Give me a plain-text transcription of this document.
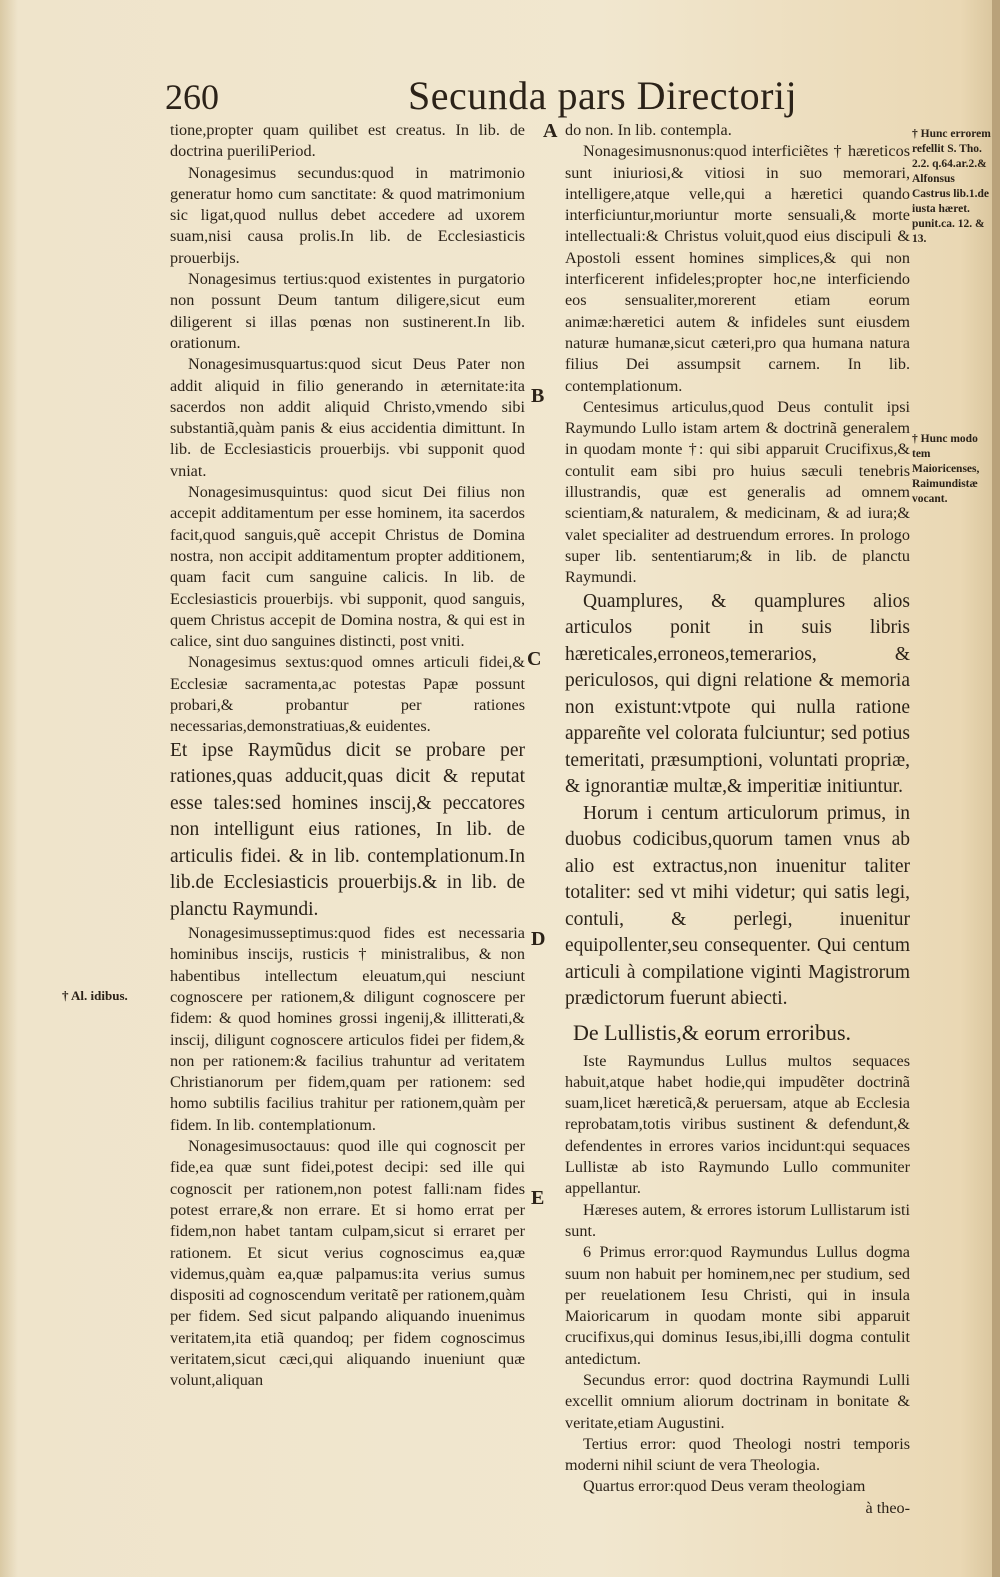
260	Secunda pars Directorij

tione,propter quam quilibet est creatus. In lib. de doctrina pueriliPeriod.

Nonagesimus secundus:quod in matrimonio generatur homo cum sanctitate: & quod matrimonium sic ligat,quod nullus debet accedere ad uxorem suam,nisi causa prolis.In lib. de Ecclesiasticis prouerbijs.

Nonagesimus tertius:quod existentes in purgatorio non possunt Deum tantum diligere,sicut eum diligerent si illas pœnas non sustinerent.In lib. orationum.

Nonagesimusquartus:quod sicut Deus Pater non addit aliquid in filio generando in æternitate:ita sacerdos non addit aliquid Christo,vmendo sibi substantiã,quàm panis & eius accidentia dimittunt. In lib. de Ecclesiasticis prouerbijs. vbi supponit quod vniat.

Nonagesimusquintus: quod sicut Dei filius non accepit additamentum per esse hominem, ita sacerdos facit,quod sanguis,quẽ accepit Christus de Domina nostra, non accipit additamentum propter additionem, quam facit cum sanguine calicis. In lib. de Ecclesiasticis prouerbijs. vbi supponit, quod sanguis, quem Christus accepit de Domina nostra, & qui est in calice, sint duo sanguines distincti, post vniti.

Nonagesimus sextus:quod omnes articuli fidei,& Ecclesiæ sacramenta,ac potestas Papæ possunt probari,& probantur per rationes necessarias,demonstratiuas,& euidentes.

Et ipse Raymũdus dicit se probare per rationes,quas adducit,quas dicit & reputat esse tales:sed homines inscij,& peccatores non intelligunt eius rationes, In lib. de articulis fidei. & in lib. contemplationum.In lib.de Ecclesiasticis prouerbijs.& in lib. de planctu Raymundi.

Nonagesimusseptimus:quod fides est necessaria hominibus inscijs, rusticis † ministralibus, & non habentibus intellectum eleuatum,qui nesciunt cognoscere per rationem,& diligunt cognoscere per fidem: & quod homines grossi ingenij,& illitterati,& inscij, diligunt cognoscere articulos fidei per fidem,& non per rationem:& facilius trahuntur ad veritatem Christianorum per fidem,quam per rationem: sed homo subtilis facilius trahitur per rationem,quàm per fidem. In lib. contemplationum.

Nonagesimusoctauus: quod ille qui cognoscit per fide,ea quæ sunt fidei,potest decipi: sed ille qui cognoscit per rationem,non potest falli:nam fides potest errare,& non errare. Et si homo errat per fidem,non habet tantam culpam,sicut si erraret per rationem. Et sicut verius cognoscimus ea,quæ videmus,quàm ea,quæ palpamus:ita verius sumus dispositi ad cognoscendum veritatẽ per rationem,quàm per fidem. Sed sicut palpando aliquando inuenimus veritatem,ita etiã quandoq; per fidem cognoscimus veritatem,sicut cæci,qui aliquando inueniunt quæ volunt,aliquan

do non. In lib. contempla.

Nonagesimusnonus:quod interficiẽtes † hæreticos sunt iniuriosi,& vitiosi in suo memorari, intelligere,atque velle,qui a hæretici quando interficiuntur,moriuntur morte sensuali,& morte intellectuali:& Christus voluit,quod eius discipuli & Apostoli essent homines simplices,& qui non interficerent infideles;propter hoc,ne interficiendo eos sensualiter,morerent etiam eorum animæ:hæretici autem & infideles sunt eiusdem naturæ humanæ,sicut cæteri,pro qua humana natura filius Dei assumpsit carnem. In lib. contemplationum.

Centesimus articulus,quod Deus contulit ipsi Raymundo Lullo istam artem & doctrinã generalem in quodam monte †: qui sibi apparuit Crucifixus,& contulit eam sibi pro huius sæculi tenebris illustrandis, quæ est generalis ad omnem scientiam,& naturalem, & medicinam, & ad iura;& valet specialiter ad destruendum errores. In prologo super lib. sententiarum;& in lib. de planctu Raymundi.

Quamplures, & quamplures alios articulos ponit in suis libris hæreticales,erroneos,temerarios, & periculosos, qui digni relatione & memoria non existunt:vtpote qui nulla ratione appareñte vel colorata fulciuntur; sed potius temeritati, præsumptioni, voluntati propriæ, & ignorantiæ multæ,& imperitiæ initiuntur.

Horum i centum articulorum primus, in duobus codicibus,quorum tamen vnus ab alio est extractus,non inuenitur taliter totaliter: sed vt mihi videtur; qui satis legi, contuli, & perlegi, inuenitur equipollenter,seu consequenter. Qui centum articuli à compilatione viginti Magistrorum prædictorum fuerunt abiecti.

De Lullistis,& eorum erroribus.

Iste Raymundus Lullus multos sequaces habuit,atque habet hodie,qui impudẽter doctrinã suam,licet hæreticã,& peruersam, atque ab Ecclesia reprobatam,totis viribus sustinent & defendunt,& defendentes in errores varios incidunt:qui sequaces Lullistæ ab isto Raymundo Lullo communiter appellantur.

Hæreses autem, & errores istorum Lullistarum isti sunt.

6 Primus error:quod Raymundus Lullus dogma suum non habuit per hominem,nec per studium, sed per reuelationem Iesu Christi, qui in insula Maioricarum in quodam monte sibi apparuit crucifixus,qui dominus Iesus,ibi,illi dogma contulit antedictum.

Secundus error: quod doctrina Raymundi Lulli excellit omnium aliorum doctrinam in bonitate & veritate,etiam Augustini.

Tertius error: quod Theologi nostri temporis moderni nihil sciunt de vera Theologia.

Quartus error:quod Deus veram theologiam

à theo-

A
B
C
D
E
† Hunc errorem refellit S. Tho. 2.2. q.64.ar.2.& Alfonsus Castrus lib.1.de iusta hæret. punit.ca. 12. & 13.
† Hunc modo tem Maioricenses, Raimundistæ vocant.
† Al. idibus.
